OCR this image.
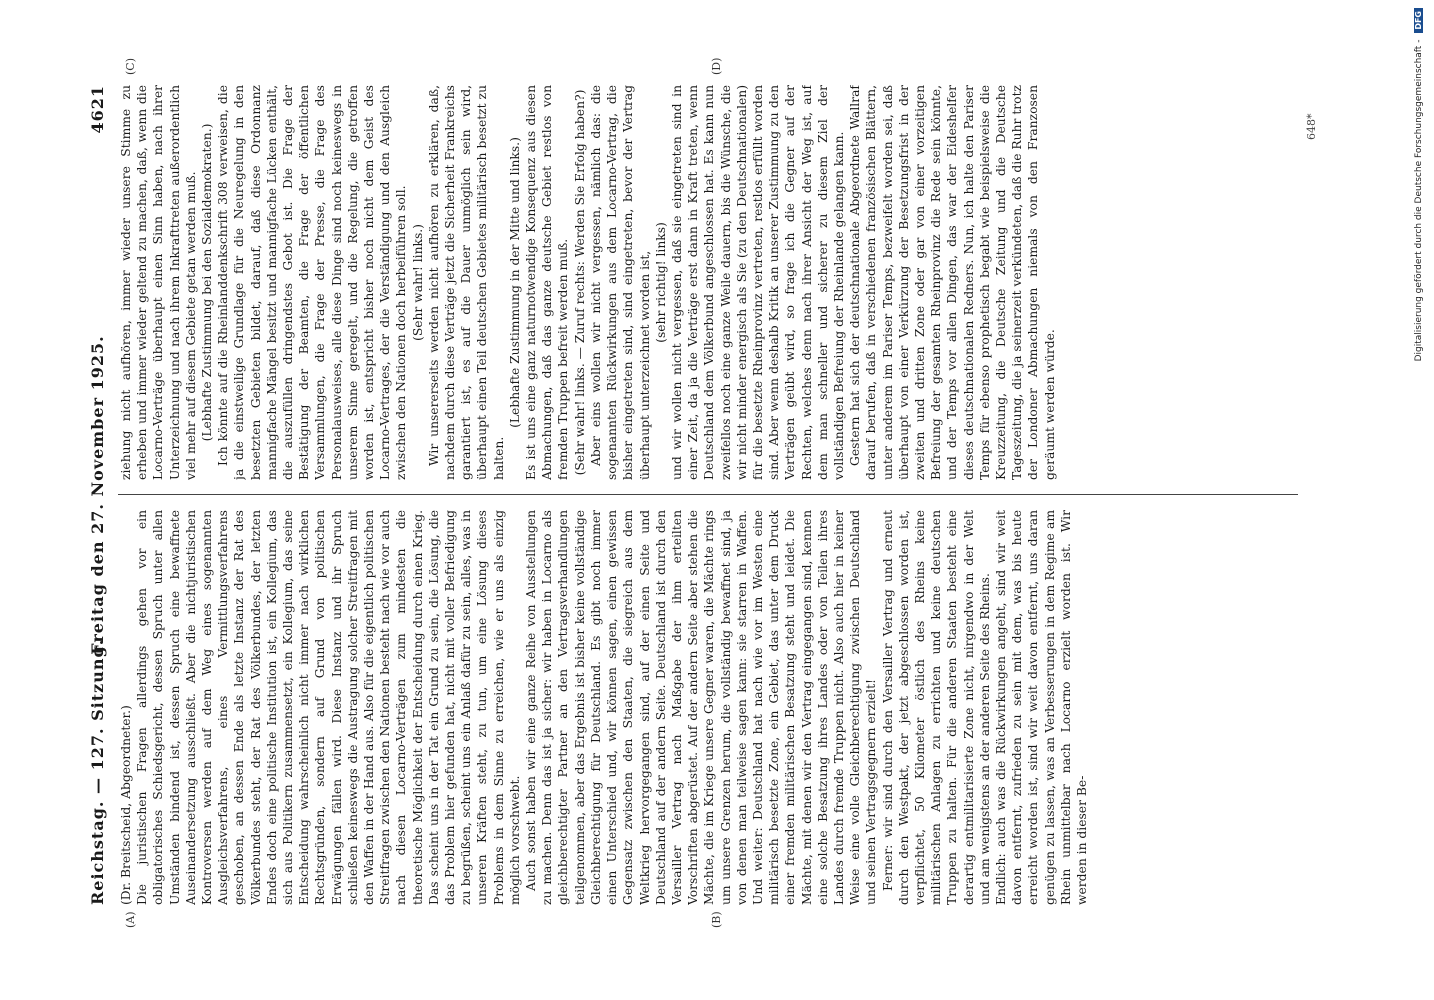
Reichstag. — 127. Sitzung.
Freitag den 27. November 1925.
4621
(A)	(B)
(C)	(D)

(Dr. Breitscheid, Abgeordneter.) Die juristischen Fragen allerdings gehen vor ein obligatorisches Schiedsgericht, dessen Spruch unter allen Umständen bindend ist, dessen Spruch eine bewaffnete Auseinandersetzung ausschließt. Aber die nichtjuristischen Kontroversen werden auf dem Weg eines sogenannten Ausgleichsverfahrens, eines Vermittlungsverfahrens geschoben, an dessen Ende als letzte Instanz der Rat des Völkerbundes steht, der Rat des Völkerbundes, der letzten Endes doch eine politische Institution ist, ein Kollegium, das sich aus Politikern zusammensetzt, ein Kollegium, das seine Entscheidung wahrscheinlich nicht immer nach wirklichen Rechtsgründen, sondern auf Grund von politischen Erwägungen fällen wird. Diese Instanz und ihr Spruch schließen keineswegs die Austragung solcher Streitfragen mit den Waffen in der Hand aus. Also für die eigentlich politischen Streitfragen zwischen den Nationen besteht nach wie vor auch nach diesen Locarno-Verträgen zum mindesten die theoretische Möglichkeit der Entscheidung durch einen Krieg. Das scheint uns in der Tat ein Grund zu sein, die Lösung, die das Problem hier gefunden hat, nicht mit voller Befriedigung zu begrüßen, scheint uns ein Anlaß dafür zu sein, alles, was in unseren Kräften steht, zu tun, um eine Lösung dieses Problems in dem Sinne zu erreichen, wie er uns als einzig möglich vorschwebt. Auch sonst haben wir eine ganze Reihe von Ausstellungen zu machen. Denn das ist ja sicher: wir haben in Locarno als gleichberechtigter Partner an den Vertragsverhandlungen teilgenommen, aber das Ergebnis ist bisher keine vollständige Gleichberechtigung für Deutschland. Es gibt noch immer einen Unterschied und, wir können sagen, einen gewissen Gegensatz zwischen den Staaten, die siegreich aus dem Weltkrieg hervorgegangen sind, auf der einen Seite und Deutschland auf der andern Seite. Deutschland ist durch den Versailler Vertrag nach Maßgabe der ihm erteilten Vorschriften abgerüstet. Auf der andern Seite aber stehen die Mächte, die im Kriege unsere Gegner waren, die Mächte rings um unsere Grenzen herum, die vollständig bewaffnet sind, ja von denen man teilweise sagen kann: sie starren in Waffen. Und weiter: Deutschland hat nach wie vor im Westen eine militärisch besetzte Zone, ein Gebiet, das unter dem Druck einer fremden militärischen Besatzung steht und leidet. Die Mächte, mit denen wir den Vertrag eingegangen sind, kennen eine solche Besatzung ihres Landes oder von Teilen ihres Landes durch fremde Truppen nicht. Also auch hier in keiner Weise eine volle Gleichberechtigung zwischen Deutschland und seinen Vertragsgegnern erzielt! Ferner: wir sind durch den Versailler Vertrag und erneut durch den Westpakt, der jetzt abgeschlossen worden ist, verpflichtet, 50 Kilometer östlich des Rheins keine militärischen Anlagen zu errichten und keine deutschen Truppen zu halten. Für die anderen Staaten besteht eine derartig entmilitarisierte Zone nicht, nirgendwo in der Welt und am wenigstens an der anderen Seite des Rheins. Endlich: auch was die Rückwirkungen angeht, sind wir weit davon entfernt, zufrieden zu sein mit dem, was bis heute erreicht worden ist, sind wir weit davon entfernt, uns daran genügen zu lassen, was an Verbesserungen in dem Regime am Rhein unmittelbar nach Locarno erzielt worden ist. Wir werden in dieser Be-

ziehung nicht aufhören, immer wieder unsere Stimme zu erheben und immer wieder geltend zu machen, daß, wenn die Locarno-Verträge überhaupt einen Sinn haben, nach ihrer Unterzeichnung und nach ihrem Inkrafttreten außerordentlich viel mehr auf diesem Gebiete getan werden muß. (Lebhafte Zustimmung bei den Sozialdemokraten.) Ich könnte auf die Rheinlanddenkschrift 308 verweisen, die ja die einstweilige Grundlage für die Neuregelung in den besetzten Gebieten bildet, darauf, daß diese Ordonnanz mannigfache Mängel besitzt und mannigfache Lücken enthält, die auszufüllen dringendstes Gebot ist. Die Frage der Bestätigung der Beamten, die Frage der öffentlichen Versammlungen, die Frage der Presse, die Frage des Personalausweises, alle diese Dinge sind noch keineswegs in unserem Sinne geregelt, und die Regelung, die getroffen worden ist, entspricht bisher noch nicht dem Geist des Locarno-Vertrages, der die Verständigung und den Ausgleich zwischen den Nationen doch herbeiführen soll. (Sehr wahr! links.) Wir unsererseits werden nicht aufhören zu erklären, daß, nachdem durch diese Verträge jetzt die Sicherheit Frankreichs garantiert ist, es auf die Dauer unmöglich sein wird, überhaupt einen Teil deutschen Gebietes militärisch besetzt zu halten.

(Lebhafte Zustimmung in der Mitte und links.) Es ist uns eine ganz naturnotwendige Konsequenz aus diesen Abmachungen, daß das ganze deutsche Gebiet restlos von fremden Truppen befreit werden muß. (Sehr wahr! links. — Zuruf rechts: Werden Sie Erfolg haben?) Aber eins wollen wir nicht vergessen, nämlich das: die sogenannten Rückwirkungen aus dem Locarno-Vertrag, die bisher eingetreten sind, sind eingetreten, bevor der Vertrag überhaupt unterzeichnet worden ist, (sehr richtig! links) und wir wollen nicht vergessen, daß sie eingetreten sind in einer Zeit, da ja die Verträge erst dann in Kraft treten, wenn Deutschland dem Völkerbund angeschlossen hat. Es kann nun zweifellos noch eine ganze Weile dauern, bis die Wünsche, die wir nicht minder energisch als Sie (zu den Deutschnationalen) für die besetzte Rheinprovinz vertreten, restlos erfüllt worden sind. Aber wenn deshalb Kritik an unserer Zustimmung zu den Verträgen geübt wird, so frage ich die Gegner auf der Rechten, welches denn nach ihrer Ansicht der Weg ist, auf dem man schneller und sicherer zu diesem Ziel der vollständigen Befreiung der Rheinlande gelangen kann. Gestern hat sich der deutschnationale Abgeordnete Wallraf darauf berufen, daß in verschiedenen französischen Blättern, unter anderem im Pariser Temps, bezweifelt worden sei, daß überhaupt von einer Verkürzung der Besetzungsfrist in der zweiten und dritten Zone oder gar von einer vorzeitigen Befreiung der gesamten Rheinprovinz die Rede sein könnte, und der Temps vor allen Dingen, das war der Eideshelfer dieses deutschnationalen Redners. Nun, ich halte den Pariser Temps für ebenso prophetisch begabt wie beispielsweise die Kreuzzeitung, die Deutsche Zeitung und die Deutsche Tageszeitung, die ja seinerzeit verkündeten, daß die Ruhr trotz der Londoner Abmachungen niemals von den Franzosen geräumt werden würde.

648*	Digitalisierung gefördert durch die Deutsche Forschungsgemeinschaft - DFG
